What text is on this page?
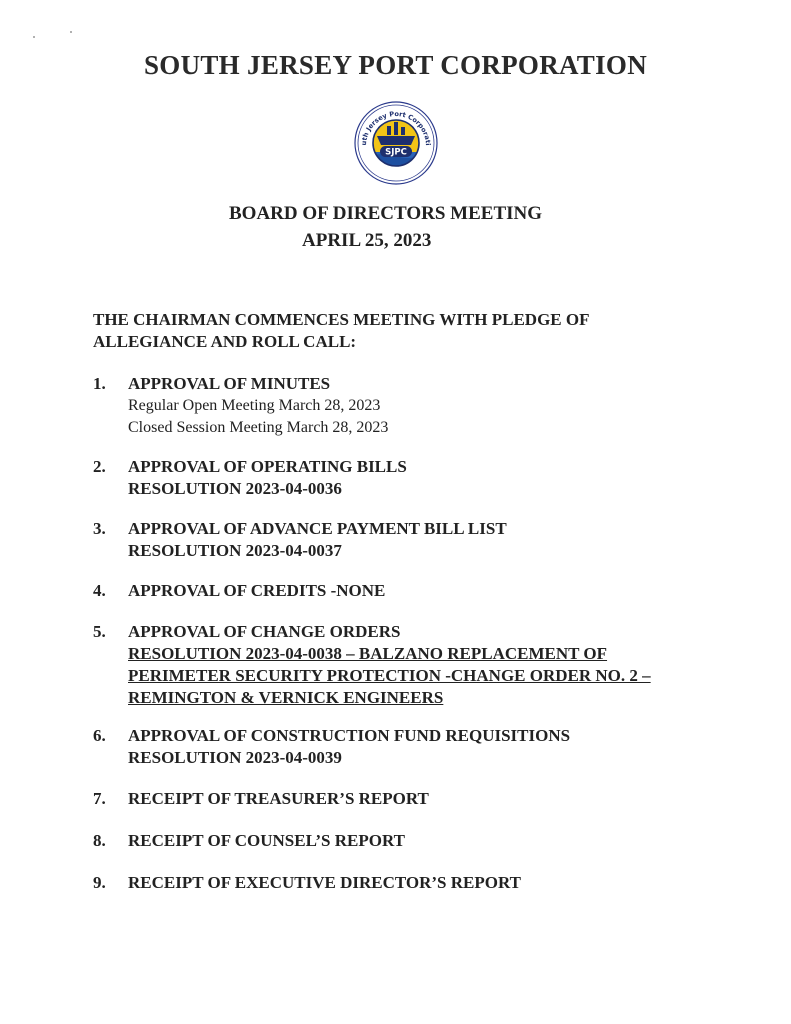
SOUTH JERSEY PORT CORPORATION
uth Jersey Port Corporati
SJPC
BOARD OF DIRECTORS MEETING
APRIL 25, 2023
THE CHAIRMAN COMMENCES MEETING WITH PLEDGE OF ALLEGIANCE AND ROLL CALL:
1. APPROVAL OF MINUTES
Regular Open Meeting March 28, 2023
Closed Session Meeting March 28, 2023
2. APPROVAL OF OPERATING BILLS
RESOLUTION 2023-04-0036
3. APPROVAL OF ADVANCE PAYMENT BILL LIST
RESOLUTION 2023-04-0037
4. APPROVAL OF CREDITS -NONE
5. APPROVAL OF CHANGE ORDERS
RESOLUTION 2023-04-0038 – BALZANO REPLACEMENT OF
PERIMETER SECURITY PROTECTION -CHANGE ORDER NO. 2 –
REMINGTON & VERNICK ENGINEERS
6. APPROVAL OF CONSTRUCTION FUND REQUISITIONS
RESOLUTION 2023-04-0039
7. RECEIPT OF TREASURER’S REPORT
8. RECEIPT OF COUNSEL’S REPORT
9. RECEIPT OF EXECUTIVE DIRECTOR’S REPORT
